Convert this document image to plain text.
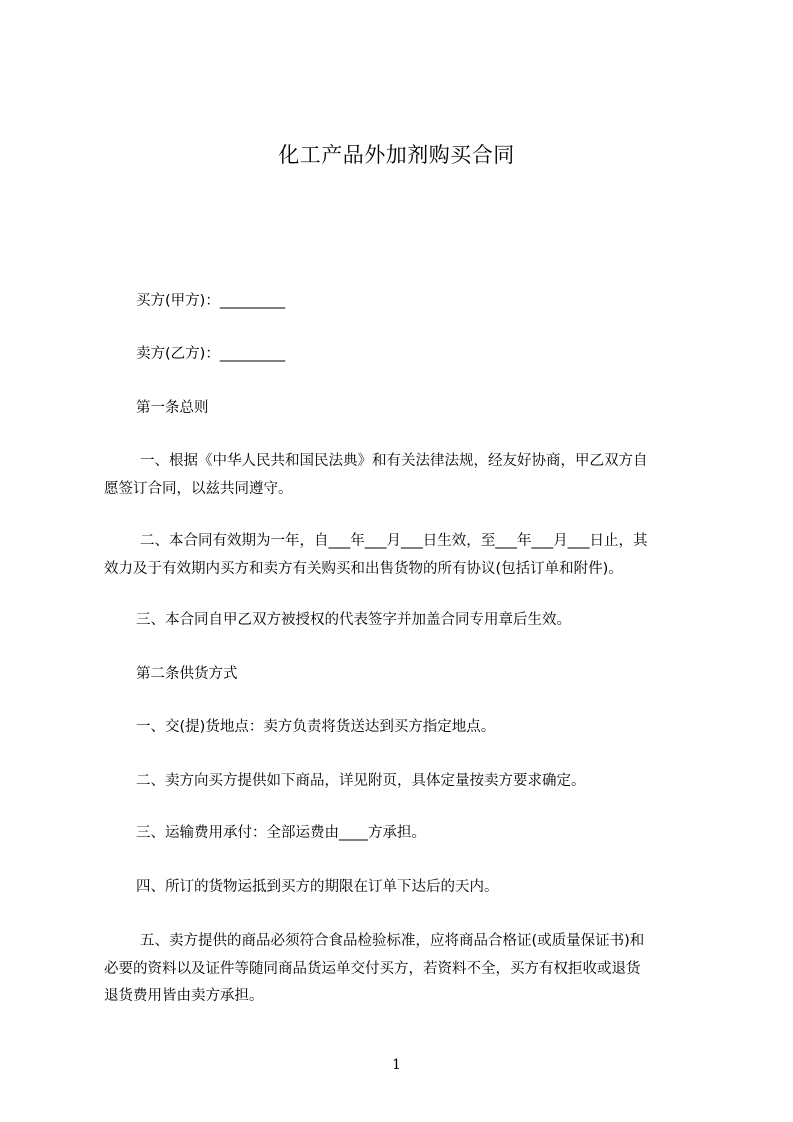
化工产品外加剂购买合同
买方(甲方)：_________
卖方(乙方)：_________
第一条总则
一、根据《中华人民共和国民法典》和有关法律法规，经友好协商，甲乙双方自
愿签订合同，以兹共同遵守。
二、本合同有效期为一年，自___年___月___日生效，至___年___月___日止，其
效力及于有效期内买方和卖方有关购买和出售货物的所有协议(包括订单和附件)。
三、本合同自甲乙双方被授权的代表签字并加盖合同专用章后生效。
第二条供货方式
一、交(提)货地点：卖方负责将货送达到买方指定地点。
二、卖方向买方提供如下商品，详见附页，具体定量按卖方要求确定。
三、运输费用承付：全部运费由____方承担。
四、所订的货物运抵到买方的期限在订单下达后的天内。
五、卖方提供的商品必须符合食品检验标准，应将商品合格证(或质量保证书)和
必要的资料以及证件等随同商品货运单交付买方，若资料不全，买方有权拒收或退货
退货费用皆由卖方承担。
1
